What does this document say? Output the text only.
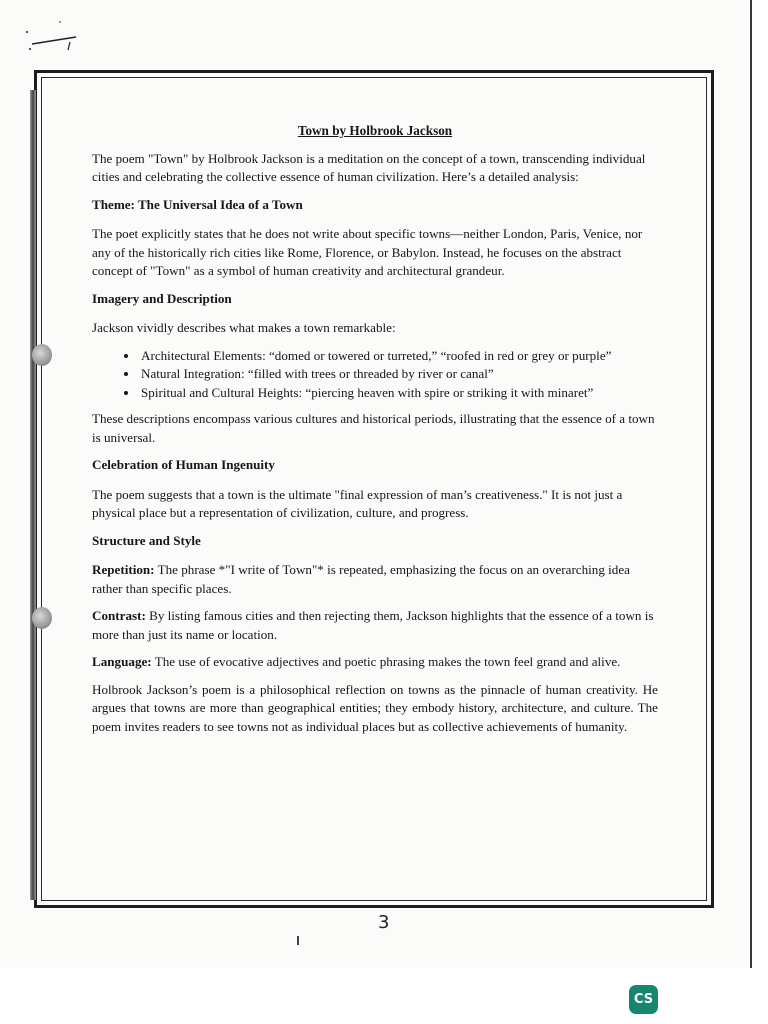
Town by Holbrook Jackson

The poem "Town" by Holbrook Jackson is a meditation on the concept of a town, transcending individual cities and celebrating the collective essence of human civilization. Here’s a detailed analysis:

Theme: The Universal Idea of a Town

The poet explicitly states that he does not write about specific towns—neither London, Paris, Venice, nor any of the historically rich cities like Rome, Florence, or Babylon. Instead, he focuses on the abstract concept of "Town" as a symbol of human creativity and architectural grandeur.

Imagery and Description

Jackson vividly describes what makes a town remarkable:

• Architectural Elements: “domed or towered or turreted,” “roofed in red or grey or purple”
• Natural Integration: “filled with trees or threaded by river or canal”
• Spiritual and Cultural Heights: “piercing heaven with spire or striking it with minaret”

These descriptions encompass various cultures and historical periods, illustrating that the essence of a town is universal.

Celebration of Human Ingenuity

The poem suggests that a town is the ultimate "final expression of man’s creativeness." It is not just a physical place but a representation of civilization, culture, and progress.

Structure and Style

Repetition: The phrase *"I write of Town"* is repeated, emphasizing the focus on an overarching idea rather than specific places.

Contrast: By listing famous cities and then rejecting them, Jackson highlights that the essence of a town is more than just its name or location.

Language: The use of evocative adjectives and poetic phrasing makes the town feel grand and alive.

Holbrook Jackson’s poem is a philosophical reflection on towns as the pinnacle of human creativity. He argues that towns are more than geographical entities; they embody history, architecture, and culture. The poem invites readers to see towns not as individual places but as collective achievements of humanity.

3
CS
